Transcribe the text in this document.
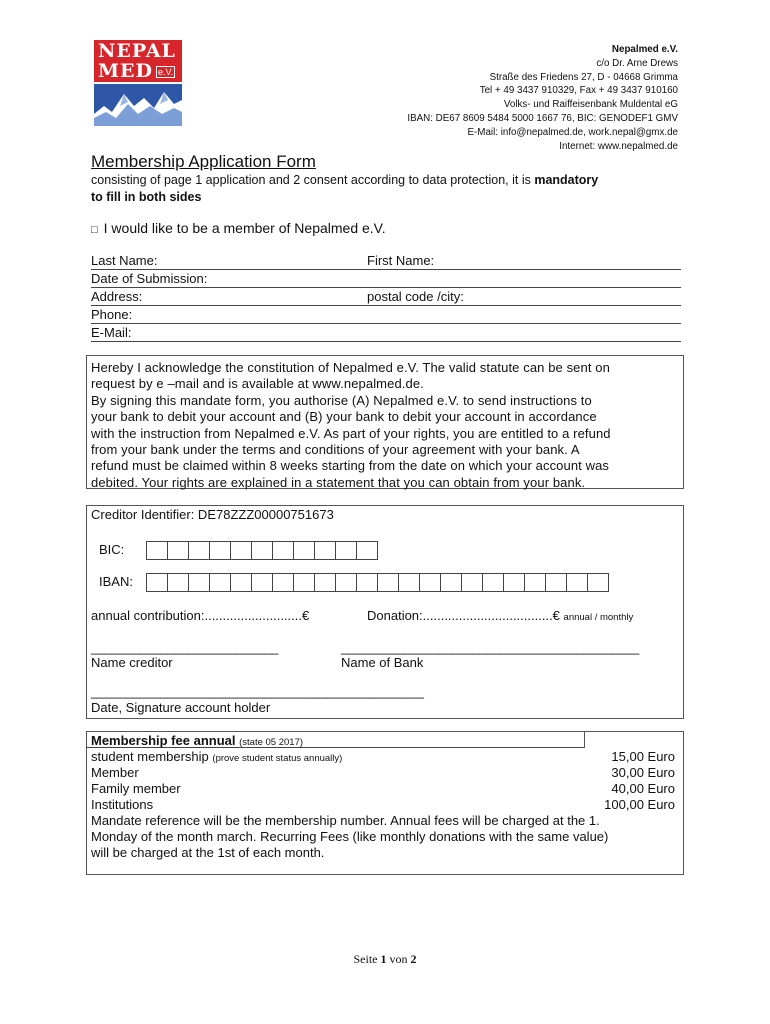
NEPAL
MED e.V.
Nepalmed e.V.
c/o Dr. Arne Drews
Straße des Friedens 27, D - 04668 Grimma
Tel + 49 3437 910329, Fax + 49 3437 910160
Volks- und Raiffeisenbank Muldental eG
IBAN: DE67 8609 5484 5000 1667 76, BIC: GENODEF1 GMV
E-Mail: info@nepalmed.de, work.nepal@gmx.de
Internet: www.nepalmed.de
Membership Application Form
consisting of page 1 application and 2 consent according to data protection, it is mandatory
to fill in both sides
□ I would like to be a member of Nepalmed e.V.
Last Name:	First Name:
Date of Submission:
Address:	postal code /city:
Phone:
E-Mail:
Hereby I acknowledge the constitution of Nepalmed e.V. The valid statute can be sent on
request by e –mail and is available at www.nepalmed.de.
By signing this mandate form, you authorise (A) Nepalmed e.V. to send instructions to
your bank to debit your account and (B) your bank to debit your account in accordance
with the instruction from Nepalmed e.V. As part of your rights, you are entitled to a refund
from your bank under the terms and conditions of your agreement with your bank. A
refund must be claimed within 8 weeks starting from the date on which your account was
debited. Your rights are explained in a statement that you can obtain from your bank.
Creditor Identifier: DE78ZZZ00000751673
BIC:
IBAN:
annual contribution:...........................€	Donation:....................................€ annual / monthly
___________________________	___________________________________________
Name creditor	Name of Bank
________________________________________________
Date, Signature account holder
Membership fee annual (state 05 2017)
student membership (prove student status annually)	15,00 Euro
Member	30,00 Euro
Family member	40,00 Euro
Institutions	100,00 Euro
Mandate reference will be the membership number. Annual fees will be charged at the 1.
Monday of the month march. Recurring Fees (like monthly donations with the same value)
will be charged at the 1st of each month.
Seite 1 von 2
